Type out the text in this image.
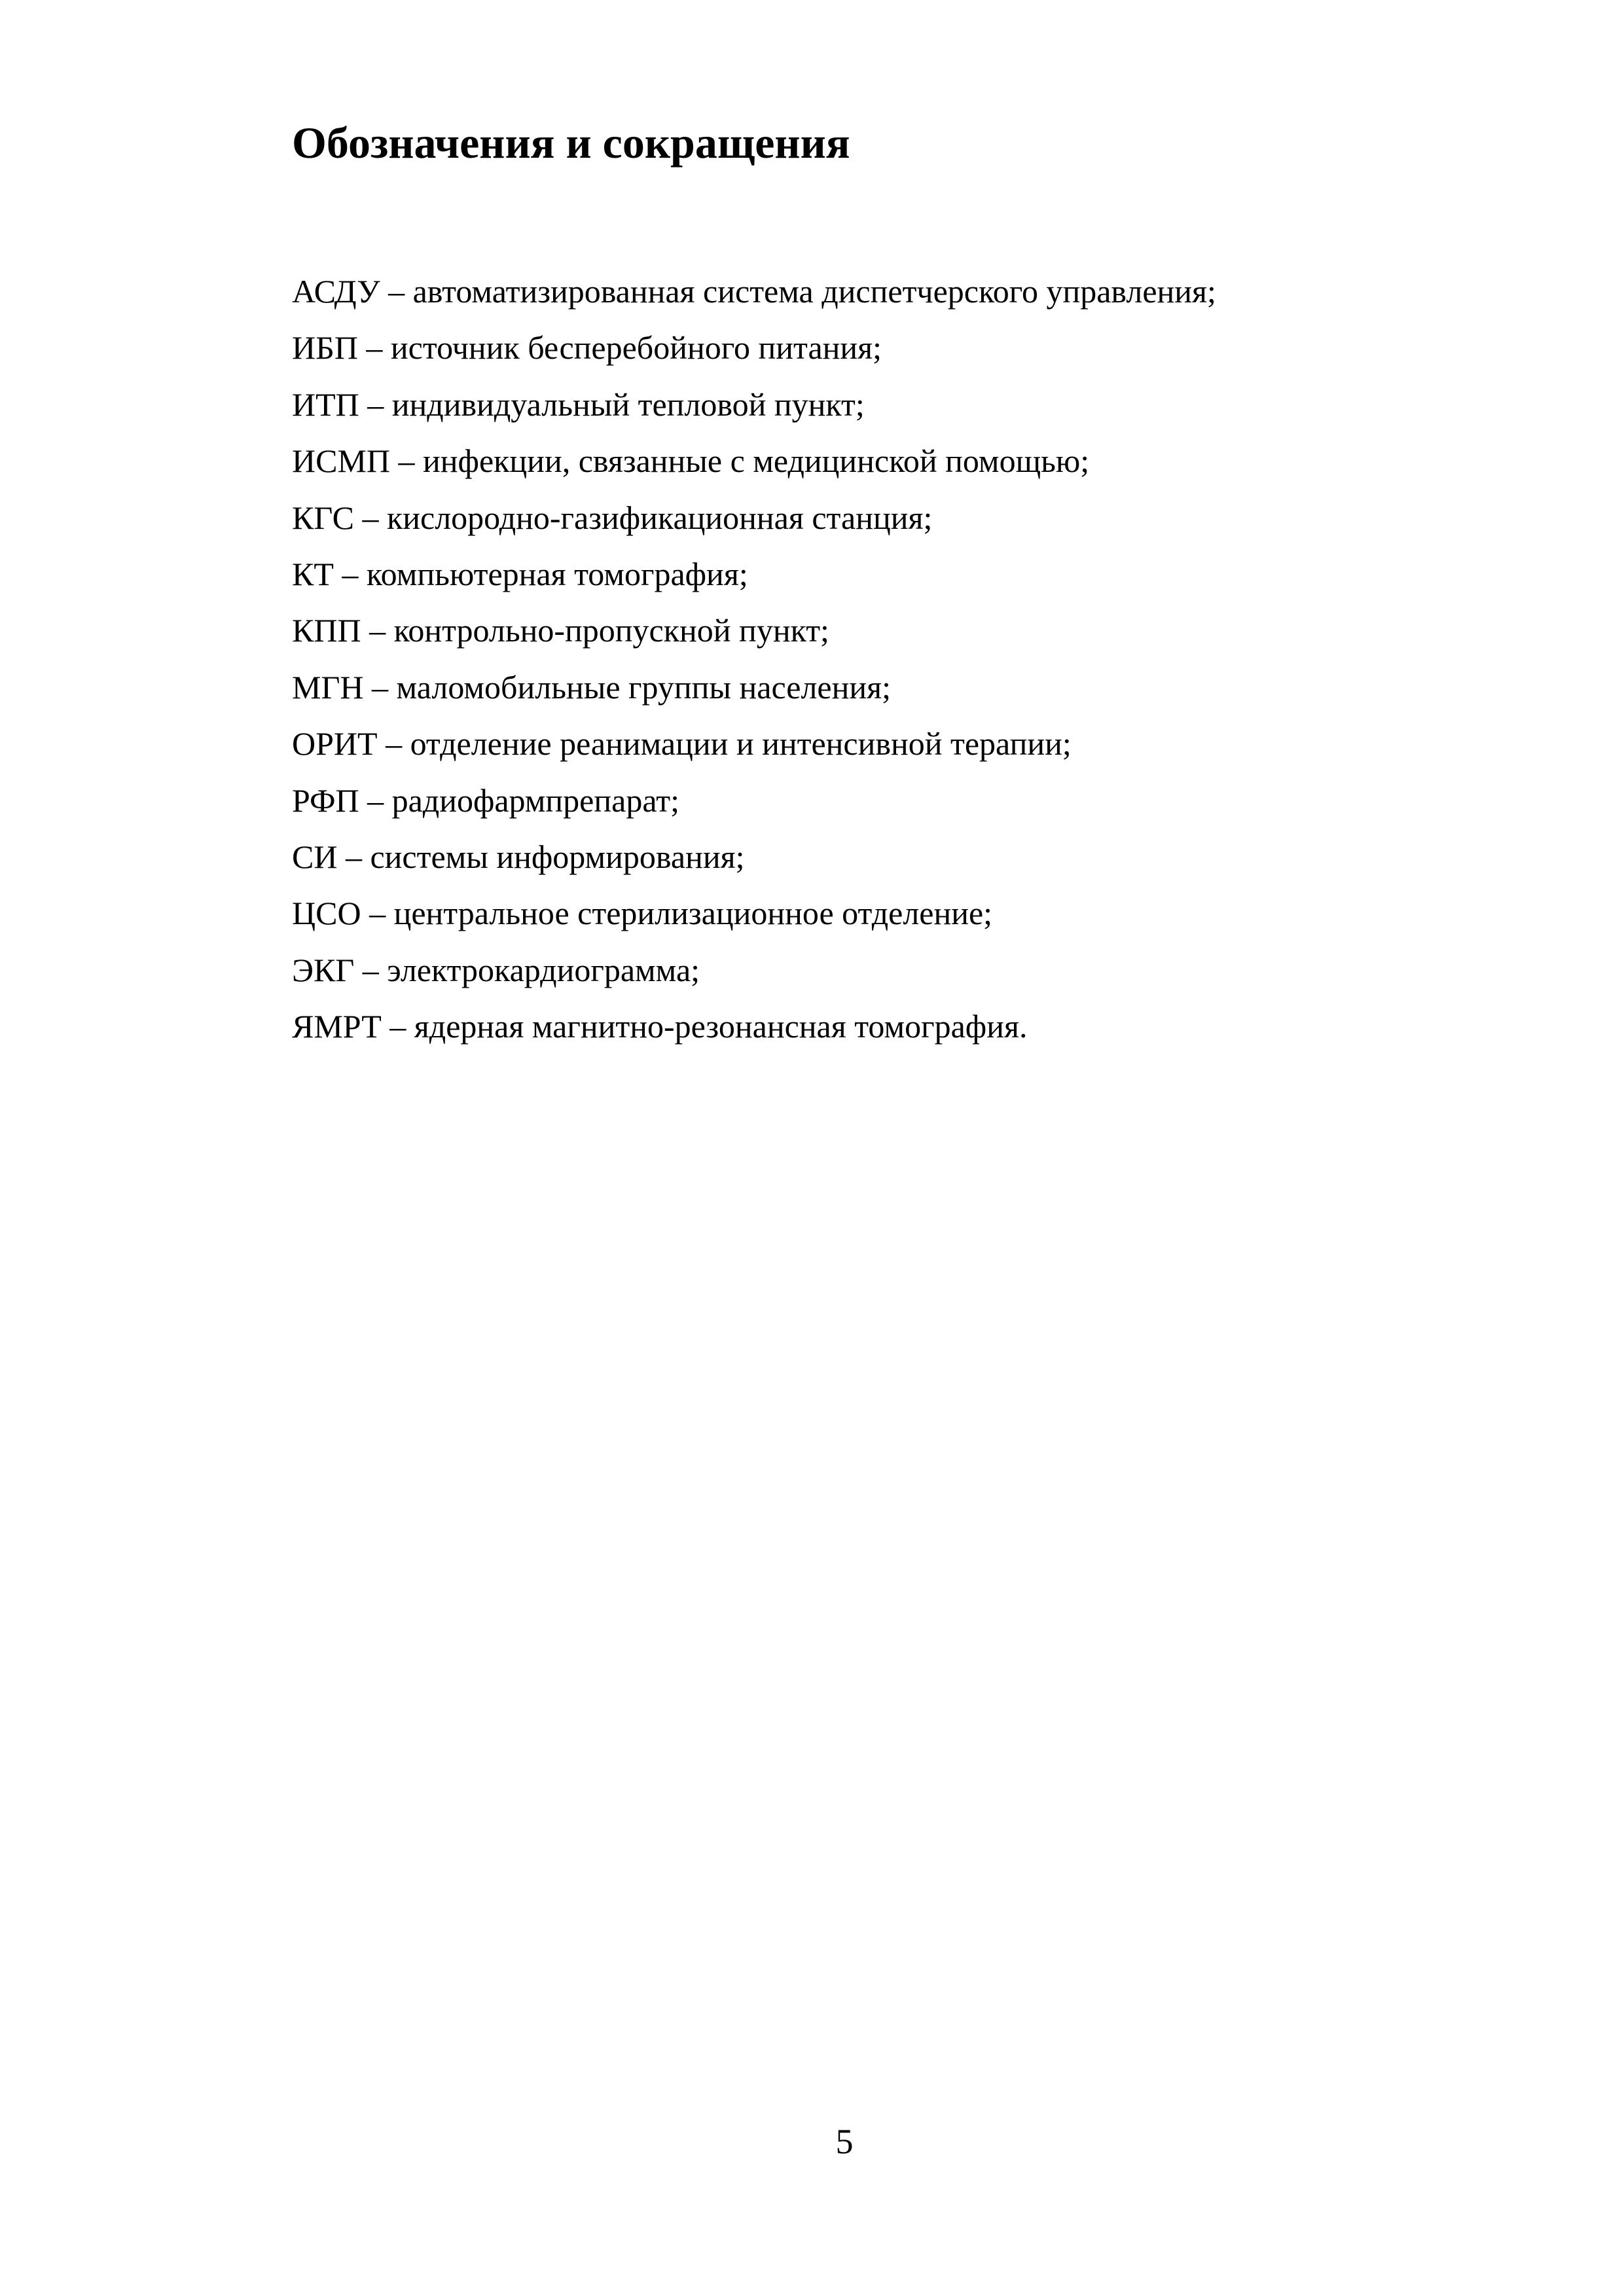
Обозначения и сокращения
АСДУ – автоматизированная система диспетчерского управления;
ИБП – источник бесперебойного питания;
ИТП – индивидуальный тепловой пункт;
ИСМП – инфекции, связанные с медицинской помощью;
КГС – кислородно-газификационная станция;
КТ – компьютерная томография;
КПП – контрольно-пропускной пункт;
МГН – маломобильные группы населения;
ОРИТ – отделение реанимации и интенсивной терапии;
РФП – радиофармпрепарат;
СИ – системы информирования;
ЦСО – центральное стерилизационное отделение;
ЭКГ – электрокардиограмма;
ЯМРТ – ядерная магнитно-резонансная томография.
5
